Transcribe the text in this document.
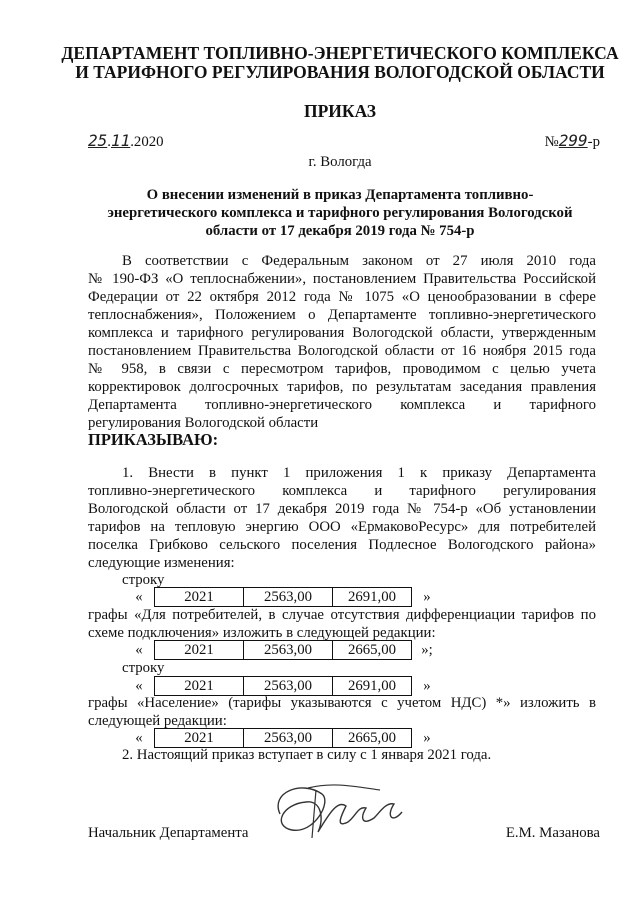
ДЕПАРТАМЕНТ ТОПЛИВНО-ЭНЕРГЕТИЧЕСКОГО КОМПЛЕКСА
И ТАРИФНОГО РЕГУЛИРОВАНИЯ ВОЛОГОДСКОЙ ОБЛАСТИ
ПРИКАЗ
25.11.2020	№299-р
г. Вологда
О внесении изменений в приказ Департамента топливно-
энергетического комплекса и тарифного регулирования Вологодской
области от 17 декабря 2019 года № 754-р
В соответствии с Федеральным законом от 27 июля 2010 года
№ 190-ФЗ «О теплоснабжении», постановлением Правительства Российской
Федерации от 22 октября 2012 года № 1075 «О ценообразовании в сфере
теплоснабжения», Положением о Департаменте топливно-энергетического
комплекса и тарифного регулирования Вологодской области, утвержденным
постановлением Правительства Вологодской области от 16 ноября 2015 года
№ 958, в связи с пересмотром тарифов, проводимом с целью учета
корректировок долгосрочных тарифов, по результатам заседания правления
Департамента топливно-энергетического комплекса и тарифного
регулирования Вологодской области
ПРИКАЗЫВАЮ:
1. Внести в пункт 1 приложения 1 к приказу Департамента
топливно-энергетического комплекса и тарифного регулирования
Вологодской области от 17 декабря 2019 года № 754-р «Об установлении
тарифов на тепловую энергию ООО «ЕрмаковоРесурс» для потребителей
поселка Грибково сельского поселения Подлесное Вологодского района»
следующие изменения:
строку
«	2021	2563,00	2691,00	»
графы «Для потребителей, в случае отсутствия дифференциации тарифов по
схеме подключения» изложить в следующей редакции:
«	2021	2563,00	2665,00	»;
строку
«	2021	2563,00	2691,00	»
графы «Население» (тарифы указываются с учетом НДС) *» изложить в
следующей редакции:
«	2021	2563,00	2665,00	»
2. Настоящий приказ вступает в силу с 1 января 2021 года.
Начальник Департамента	Е.М. Мазанова
